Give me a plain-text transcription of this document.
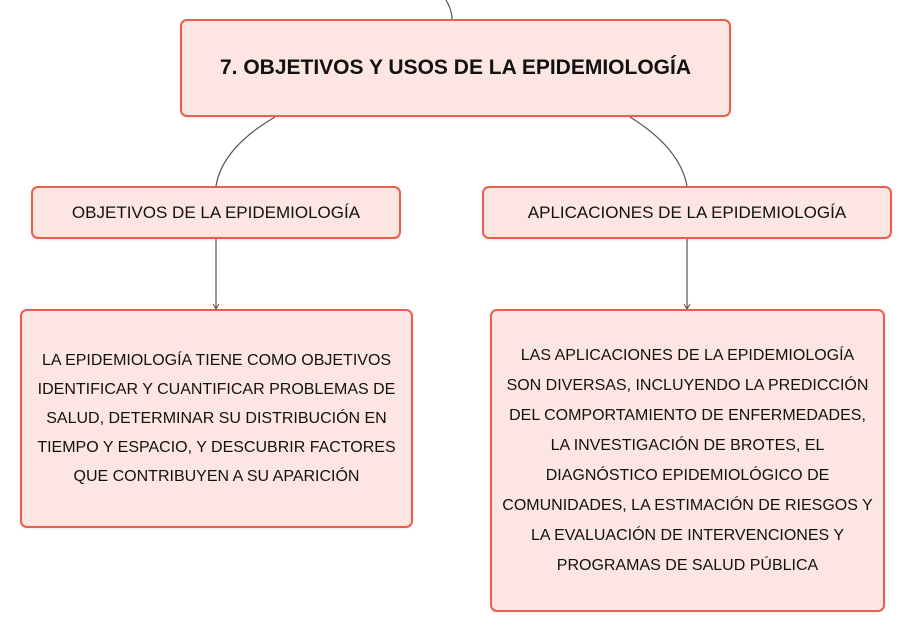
7. OBJETIVOS Y USOS DE LA EPIDEMIOLOGÍA
OBJETIVOS DE LA EPIDEMIOLOGÍA	APLICACIONES DE LA EPIDEMIOLOGÍA
LA EPIDEMIOLOGÍA TIENE COMO OBJETIVOS IDENTIFICAR Y CUANTIFICAR PROBLEMAS DE SALUD, DETERMINAR SU DISTRIBUCIÓN EN TIEMPO Y ESPACIO, Y DESCUBRIR FACTORES QUE CONTRIBUYEN A SU APARICIÓN
LAS APLICACIONES DE LA EPIDEMIOLOGÍA SON DIVERSAS, INCLUYENDO LA PREDICCIÓN DEL COMPORTAMIENTO DE ENFERMEDADES, LA INVESTIGACIÓN DE BROTES, EL DIAGNÓSTICO EPIDEMIOLÓGICO DE COMUNIDADES, LA ESTIMACIÓN DE RIESGOS Y LA EVALUACIÓN DE INTERVENCIONES Y PROGRAMAS DE SALUD PÚBLICA
